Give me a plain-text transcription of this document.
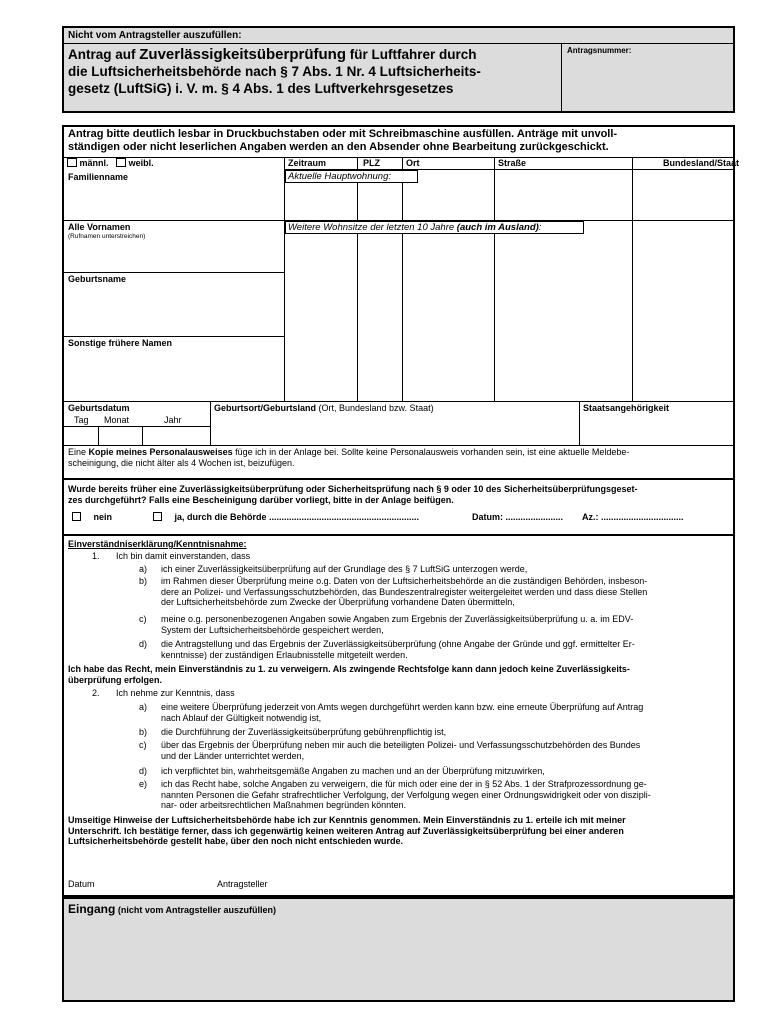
Nicht vom Antragsteller auszufüllen:
Antragsnummer:
Antrag auf Zuverlässigkeitsüberprüfung für Luftfahrer durch
die Luftsicherheitsbehörde nach § 7 Abs. 1 Nr. 4 Luftsicherheits-
gesetz (LuftSiG) i. V. m. § 4 Abs. 1 des Luftverkehrsgesetzes
Antrag bitte deutlich lesbar in Druckbuchstaben oder mit Schreibmaschine ausfüllen. Anträge mit unvoll-
ständigen oder nicht leserlichen Angaben werden an den Absender ohne Bearbeitung zurückgeschickt.
männl. weibl.
Familienname
Alle Vornamen
(Rufnamen unterstreichen)
Geburtsname
Sonstige frühere Namen
Zeitraum	PLZ	Ort	Straße	Bundesland/Staat
Aktuelle Hauptwohnung:
Weitere Wohnsitze der letzten 10 Jahre (auch im Ausland):
Geburtsdatum
Tag Monat	Jahr
Geburtsort/Geburtsland (Ort, Bundesland bzw. Staat)	Staatsangehörigkeit
Eine Kopie meines Personalausweises füge ich in der Anlage bei. Sollte keine Personalausweis vorhanden sein, ist eine aktuelle Meldebe-
scheinigung, die nicht älter als 4 Wochen ist, beizufügen.
Wurde bereits früher eine Zuverlässigkeitsüberprüfung oder Sicherheitsprüfung nach § 9 oder 10 des Sicherheitsüberprüfungsgeset-
zes durchgeführt? Falls eine Bescheinigung darüber vorliegt, bitte in der Anlage beifügen.
nein	ja, durch die Behörde ............................................................	Datum: ....................... Az.: .................................
Einverständniserklärung/Kenntnisnahme:
1. Ich bin damit einverstanden, dass
a) ich einer Zuverlässigkeitsüberprüfung auf der Grundlage des § 7 LuftSiG unterzogen werde,
b) im Rahmen dieser Überprüfung meine o.g. Daten von der Luftsicherheitsbehörde an die zuständigen Behörden, insbeson-
dere an Polizei- und Verfassungsschutzbehörden, das Bundeszentralregister weitergeleitet werden und dass diese Stellen
der Luftsicherheitsbehörde zum Zwecke der Überprüfung vorhandene Daten übermitteln,
c) meine o.g. personenbezogenen Angaben sowie Angaben zum Ergebnis der Zuverlässigkeitsüberprüfung u. a. im EDV-
System der Luftsicherheitsbehörde gespeichert werden,
d) die Antragstellung und das Ergebnis der Zuverlässigkeitsüberprüfung (ohne Angabe der Gründe und ggf. ermittelter Er-
kenntnisse) der zuständigen Erlaubnisstelle mitgeteilt werden.
Ich habe das Recht, mein Einverständnis zu 1. zu verweigern. Als zwingende Rechtsfolge kann dann jedoch keine Zuverlässigkeits-
überprüfung erfolgen.
2. Ich nehme zur Kenntnis, dass
a) eine weitere Überprüfung jederzeit von Amts wegen durchgeführt werden kann bzw. eine erneute Überprüfung auf Antrag
nach Ablauf der Gültigkeit notwendig ist,
b) die Durchführung der Zuverlässigkeitsüberprüfung gebührenpflichtig ist,
c) über das Ergebnis der Überprüfung neben mir auch die beteiligten Polizei- und Verfassungsschutzbehörden des Bundes
und der Länder unterrichtet werden,
d) ich verpflichtet bin, wahrheitsgemäße Angaben zu machen und an der Überprüfung mitzuwirken,
e) ich das Recht habe, solche Angaben zu verweigern, die für mich oder eine der in § 52 Abs. 1 der Strafprozessordnung ge-
nannten Personen die Gefahr strafrechtlicher Verfolgung, der Verfolgung wegen einer Ordnungswidrigkeit oder von diszipli-
nar- oder arbeitsrechtlichen Maßnahmen begründen könnten.
Umseitige Hinweise der Luftsicherheitsbehörde habe ich zur Kenntnis genommen. Mein Einverständnis zu 1. erteile ich mit meiner
Unterschrift. Ich bestätige ferner, dass ich gegenwärtig keinen weiteren Antrag auf Zuverlässigkeitsüberprüfung bei einer anderen
Luftsicherheitsbehörde gestellt habe, über den noch nicht entschieden wurde.
Datum	Antragsteller
Eingang (nicht vom Antragsteller auszufüllen)
